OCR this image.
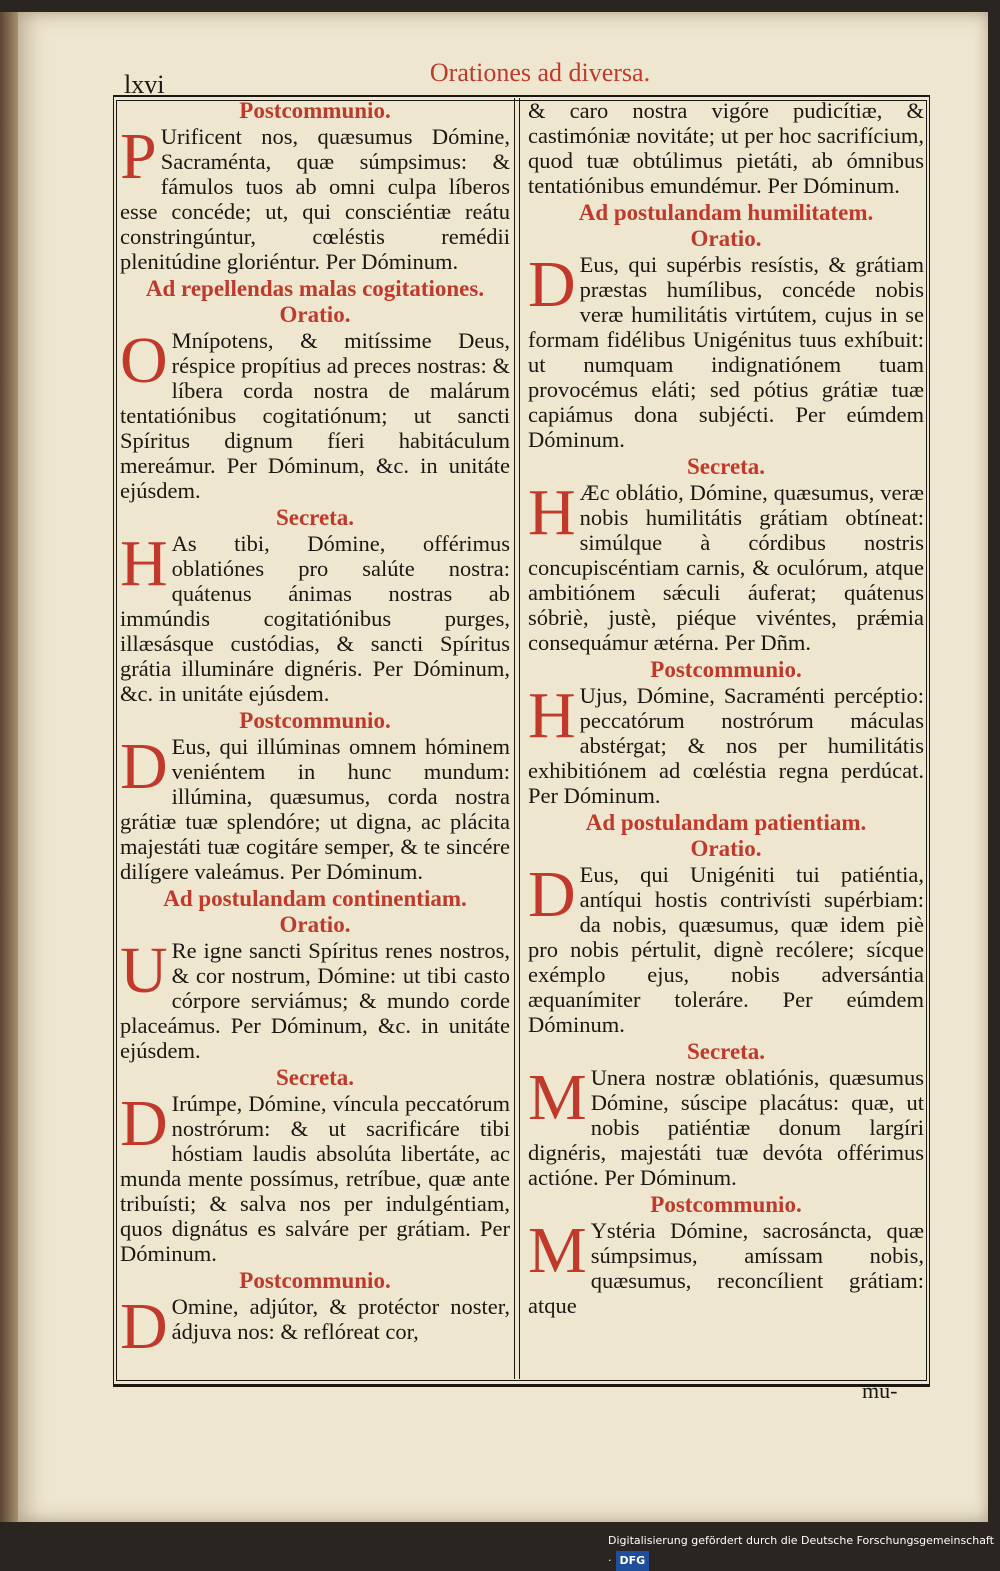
lxvi	Orationes ad diversa.
Postcommunio.

P Urificent nos, quæsumus Dómine, Sacraménta, quæ súmpsimus: & fámulos tuos ab omni culpa líberos esse concéde; ut, qui consciéntiæ reátu constringúntur, cœléstis remédii plenitúdine gloriéntur. Per Dóminum.

Ad repellendas malas cogitationes.
Oratio.

O Mnípotens, & mitíssime Deus, réspice propítius ad preces nostras: & líbera corda nostra de malárum tentatiónibus cogitatiónum; ut sancti Spíritus dignum fíeri habitáculum mereámur. Per Dóminum, &c. in unitáte ejúsdem.

Secreta.

H As tibi, Dómine, offérimus oblatiónes pro salúte nostra: quátenus ánimas nostras ab immúndis cogitatiónibus purges, illæsásque custódias, & sancti Spíritus grátia illumináre dignéris. Per Dóminum, &c. in unitáte ejúsdem.

Postcommunio.

D Eus, qui illúminas omnem hóminem veniéntem in hunc mundum: illúmina, quæsumus, corda nostra grátiæ tuæ splendóre; ut digna, ac plácita majestáti tuæ cogitáre semper, & te sincére dilígere valeámus. Per Dóminum.

Ad postulandam continentiam.
Oratio.

U Re igne sancti Spíritus renes nostros, & cor nostrum, Dómine: ut tibi casto córpore serviámus; & mundo corde placeámus. Per Dóminum, &c. in unitáte ejúsdem.

Secreta.

D Irúmpe, Dómine, víncula peccatórum nostrórum: & ut sacrificáre tibi hóstiam laudis absolúta libertáte, ac munda mente possímus, retríbue, quæ ante tribuísti; & salva nos per indulgéntiam, quos dignátus es salváre per grátiam. Per Dóminum.

Postcommunio.

D Omine, adjútor, & protéctor noster, ádjuva nos: & reflóreat cor,

& caro nostra vigóre pudicítiæ, & castimóniæ novitáte; ut per hoc sacrifícium, quod tuæ obtúlimus pietáti, ab ómnibus tentatiónibus emundémur. Per Dóminum.

Ad postulandam humilitatem.
Oratio.

D Eus, qui supérbis resístis, & grátiam præstas humílibus, concéde nobis veræ humilitátis virtútem, cujus in se formam fidélibus Unigénitus tuus exhíbuit: ut numquam indignatiónem tuam provocémus eláti; sed pótius grátiæ tuæ capiámus dona subjécti. Per eúmdem Dóminum.

Secreta.

H Æc oblátio, Dómine, quæsumus, veræ nobis humilitátis grátiam obtíneat: simúlque à córdibus nostris concupiscéntiam carnis, & oculórum, atque ambitiónem sǽculi áuferat; quátenus sóbriè, justè, piéque vivéntes, prǽmia consequámur ætérna. Per Dñm.

Postcommunio.

H Ujus, Dómine, Sacraménti percéptio: peccatórum nostrórum máculas abstérgat; & nos per humilitátis exhibitiónem ad cœléstia regna perdúcat. Per Dóminum.

Ad postulandam patientiam.
Oratio.

D Eus, qui Unigéniti tui patiéntia, antíqui hostis contrivísti supérbiam: da nobis, quæsumus, quæ idem piè pro nobis pértulit, dignè recólere; sícque exémplo ejus, nobis adversántia æquanímiter toleráre. Per eúmdem Dóminum.

Secreta.

M Unera nostræ oblatiónis, quæsumus Dómine, súscipe placátus: quæ, ut nobis patiéntiæ donum largíri dignéris, majestáti tuæ devóta offérimus actióne. Per Dóminum.

Postcommunio.

M Ystéria Dómine, sacrosáncta, quæ súmpsimus, amíssam nobis, quæsumus, reconcílient grátiam: atque

mu-
Digitalisierung gefördert durch die Deutsche Forschungsgemeinschaft · DFG
